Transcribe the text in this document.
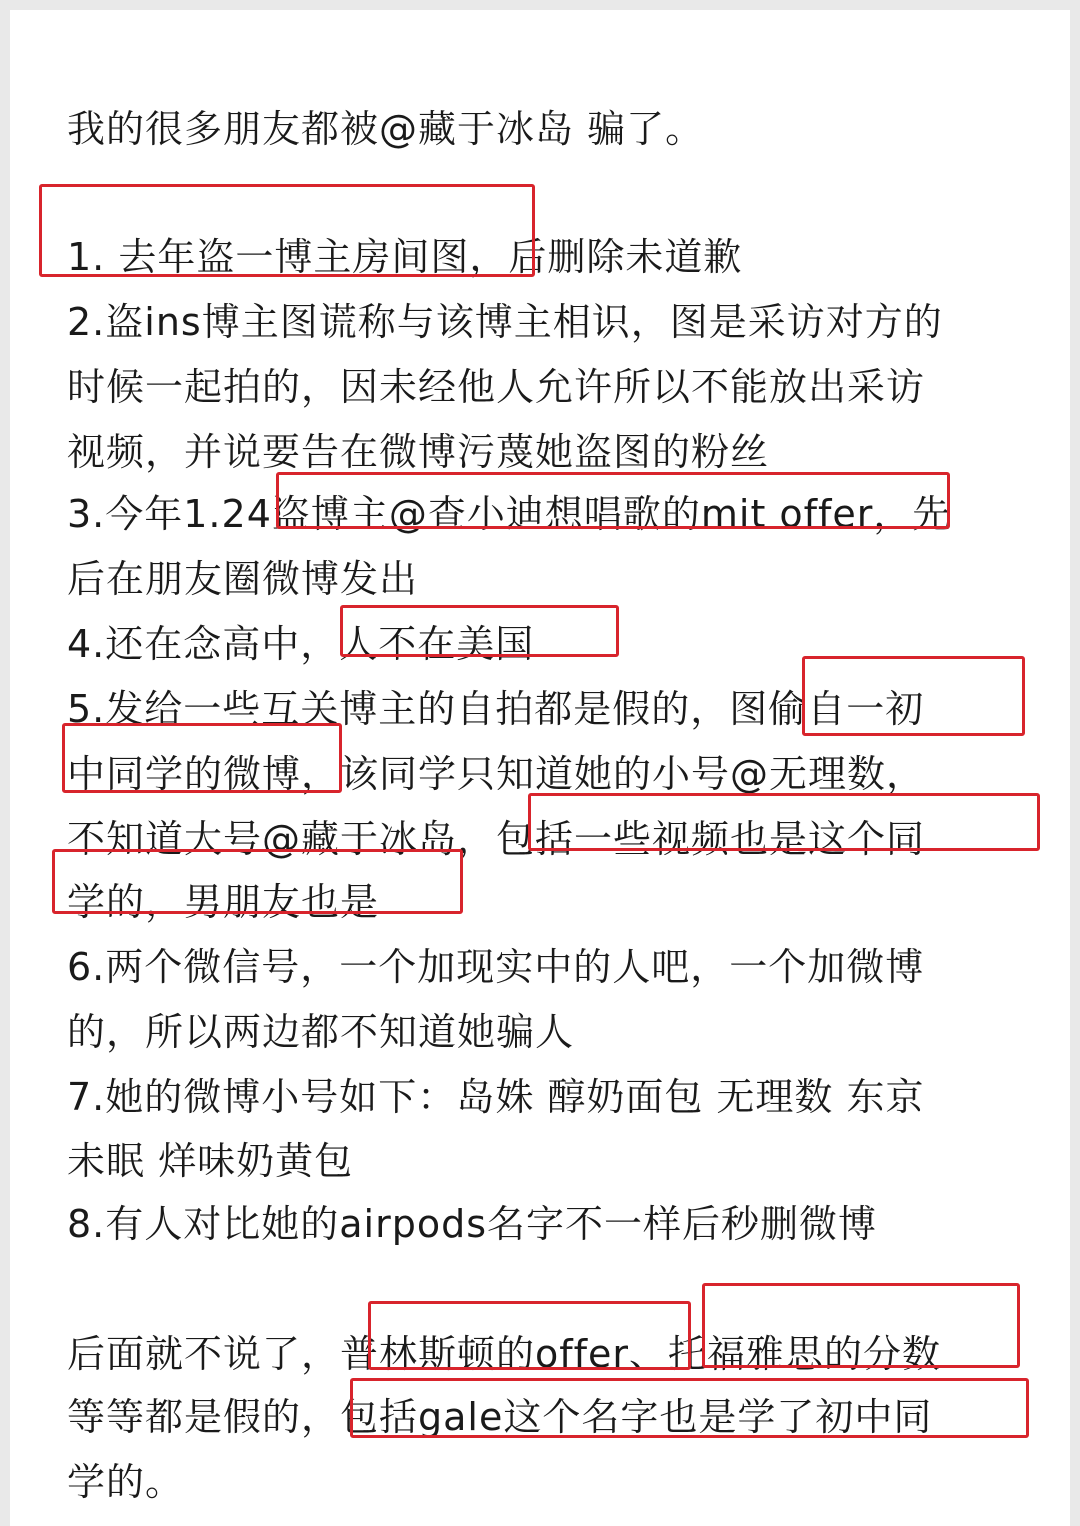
我的很多朋友都被@藏于冰岛 骗了。
1. 去年盗一博主房间图，后删除未道歉
2.盗ins博主图谎称与该博主相识，图是采访对方的
时候一起拍的，因未经他人允许所以不能放出采访
视频，并说要告在微博污蔑她盗图的粉丝
3.今年1.24盗博主@查小迪想唱歌的mit offer，先
后在朋友圈微博发出
4.还在念高中，人不在美国
5.发给一些互关博主的自拍都是假的，图偷自一初
中同学的微博，该同学只知道她的小号@无理数，
不知道大号@藏于冰岛，包括一些视频也是这个同
学的，男朋友也是
6.两个微信号，一个加现实中的人吧，一个加微博
的，所以两边都不知道她骗人
7.她的微博小号如下：岛姝 醇奶面包 无理数 东京
未眠 烊味奶黄包
8.有人对比她的airpods名字不一样后秒删微博
后面就不说了，普林斯顿的offer、托福雅思的分数
等等都是假的，包括gale这个名字也是学了初中同
学的。
